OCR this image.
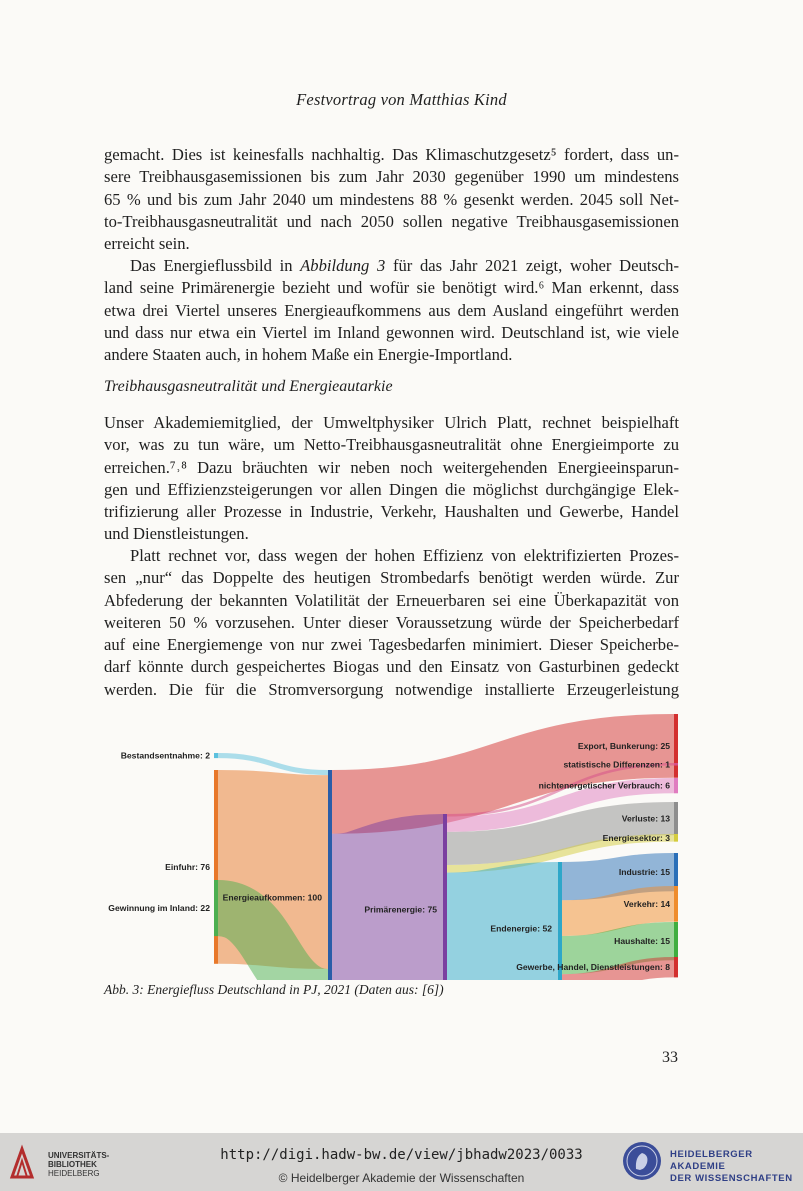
Festvortrag von Matthias Kind
gemacht. Dies ist keinesfalls nachhaltig. Das Klimaschutzgesetz⁵ fordert, dass un-
sere Treibhausgasemissionen bis zum Jahr 2030 gegenüber 1990 um mindestens
65 % und bis zum Jahr 2040 um mindestens 88 % gesenkt werden. 2045 soll Net-
to-Treibhausgasneutralität und nach 2050 sollen negative Treibhausgasemissionen
erreicht sein.
Das Energieflussbild in Abbildung 3 für das Jahr 2021 zeigt, woher Deutsch-
land seine Primärenergie bezieht und wofür sie benötigt wird.⁶ Man erkennt, dass
etwa drei Viertel unseres Energieaufkommens aus dem Ausland eingeführt werden
und dass nur etwa ein Viertel im Inland gewonnen wird. Deutschland ist, wie viele
andere Staaten auch, in hohem Maße ein Energie-Importland.
Treibhausgasneutralität und Energieautarkie
Unser Akademiemitglied, der Umweltphysiker Ulrich Platt, rechnet beispielhaft
vor, was zu tun wäre, um Netto-Treibhausgasneutralität ohne Energieimporte zu
erreichen.⁷˒⁸ Dazu bräuchten wir neben noch weitergehenden Energieeinsparun-
gen und Effizienzsteigerungen vor allen Dingen die möglichst durchgängige Elek-
trifizierung aller Prozesse in Industrie, Verkehr, Haushalten und Gewerbe, Handel
und Dienstleistungen.
Platt rechnet vor, dass wegen der hohen Effizienz von elektrifizierten Prozes-
sen „nur“ das Doppelte des heutigen Strombedarfs benötigt werden würde. Zur
Abfederung der bekannten Volatilität der Erneuerbaren sei eine Überkapazität von
weiteren 50 % vorzusehen. Unter dieser Voraussetzung würde der Speicherbedarf
auf eine Energiemenge von nur zwei Tagesbedarfen minimiert. Dieser Speicherbe-
darf könnte durch gespeichertes Biogas und den Einsatz von Gasturbinen gedeckt
werden. Die für die Stromversorgung notwendige installierte Erzeugerleistung
Bestandsentnahme: 2
Einfuhr: 76
Gewinnung im Inland: 22
Energieaufkommen: 100
Export, Bunkerung: 25
Primärenergie: 75
statistische Differenzen: 1
nichtenergetischer Verbrauch: 6
Verluste: 13
Energiesektor: 3
Endenergie: 52
Industrie: 15
Verkehr: 14
Haushalte: 15
Gewerbe, Handel, Dienstleistungen: 8
Abb. 3: Energiefluss Deutschland in PJ, 2021 (Daten aus: [6])
33
UNIVERSITÄTS-
BIBLIOTHEK
HEIDELBERG
http://digi.hadw-bw.de/view/jbhadw2023/0033
© Heidelberger Akademie der Wissenschaften
HEIDELBERGER AKADEMIE
DER WISSENSCHAFTEN
